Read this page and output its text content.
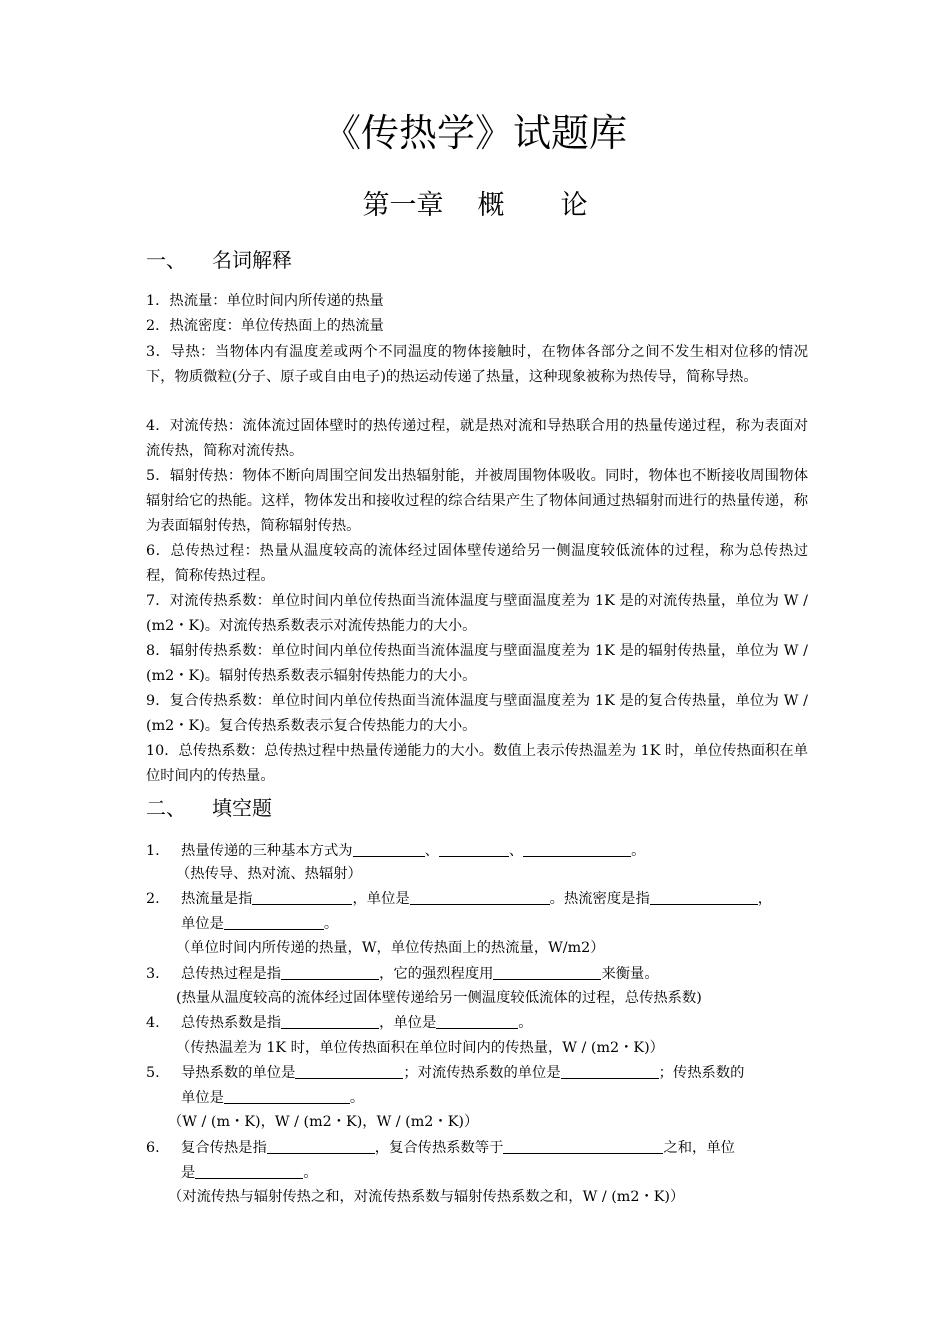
《传热学》试题库
第一章 概 论
一、 名词解释
1．热流量：单位时间内所传递的热量
2．热流密度：单位传热面上的热流量
3．导热：当物体内有温度差或两个不同温度的物体接触时，在物体各部分之间不发生相对位移的情况下，物质微粒(分子、原子或自由电子)的热运动传递了热量，这种现象被称为热传导，简称导热。
4．对流传热：流体流过固体壁时的热传递过程，就是热对流和导热联合用的热量传递过程，称为表面对流传热，简称对流传热。
5．辐射传热：物体不断向周围空间发出热辐射能，并被周围物体吸收。同时，物体也不断接收周围物体辐射给它的热能。这样，物体发出和接收过程的综合结果产生了物体间通过热辐射而进行的热量传递，称为表面辐射传热，简称辐射传热。
6．总传热过程：热量从温度较高的流体经过固体壁传递给另一侧温度较低流体的过程，称为总传热过程，简称传热过程。
7．对流传热系数：单位时间内单位传热面当流体温度与壁面温度差为 1K 是的对流传热量，单位为 W / (m2・K)。对流传热系数表示对流传热能力的大小。
8．辐射传热系数：单位时间内单位传热面当流体温度与壁面温度差为 1K 是的辐射传热量，单位为 W / (m2・K)。辐射传热系数表示辐射传热能力的大小。
9．复合传热系数：单位时间内单位传热面当流体温度与壁面温度差为 1K 是的复合传热量，单位为 W / (m2・K)。复合传热系数表示复合传热能力的大小。
10．总传热系数：总传热过程中热量传递能力的大小。数值上表示传热温差为 1K 时，单位传热面积在单位时间内的传热量。
二、 填空题
1. 热量传递的三种基本方式为	、	、	。
（热传导、热对流、热辐射）
2. 热流量是指	，单位是	。热流密度是指	，
单位是	。
（单位时间内所传递的热量，W，单位传热面上的热流量，W/m2）
3. 总传热过程是指	，它的强烈程度用	来衡量。
(热量从温度较高的流体经过固体壁传递给另一侧温度较低流体的过程，总传热系数)
4. 总传热系数是指	，单位是	。
（传热温差为 1K 时，单位传热面积在单位时间内的传热量，W / (m2・K)）
5. 导热系数的单位是	；对流传热系数的单位是	；传热系数的
单位是	。
（W / (m・K)，W / (m2・K)，W / (m2・K)）
6. 复合传热是指	，复合传热系数等于	之和，单位
是	。
（对流传热与辐射传热之和，对流传热系数与辐射传热系数之和，W / (m2・K)）
